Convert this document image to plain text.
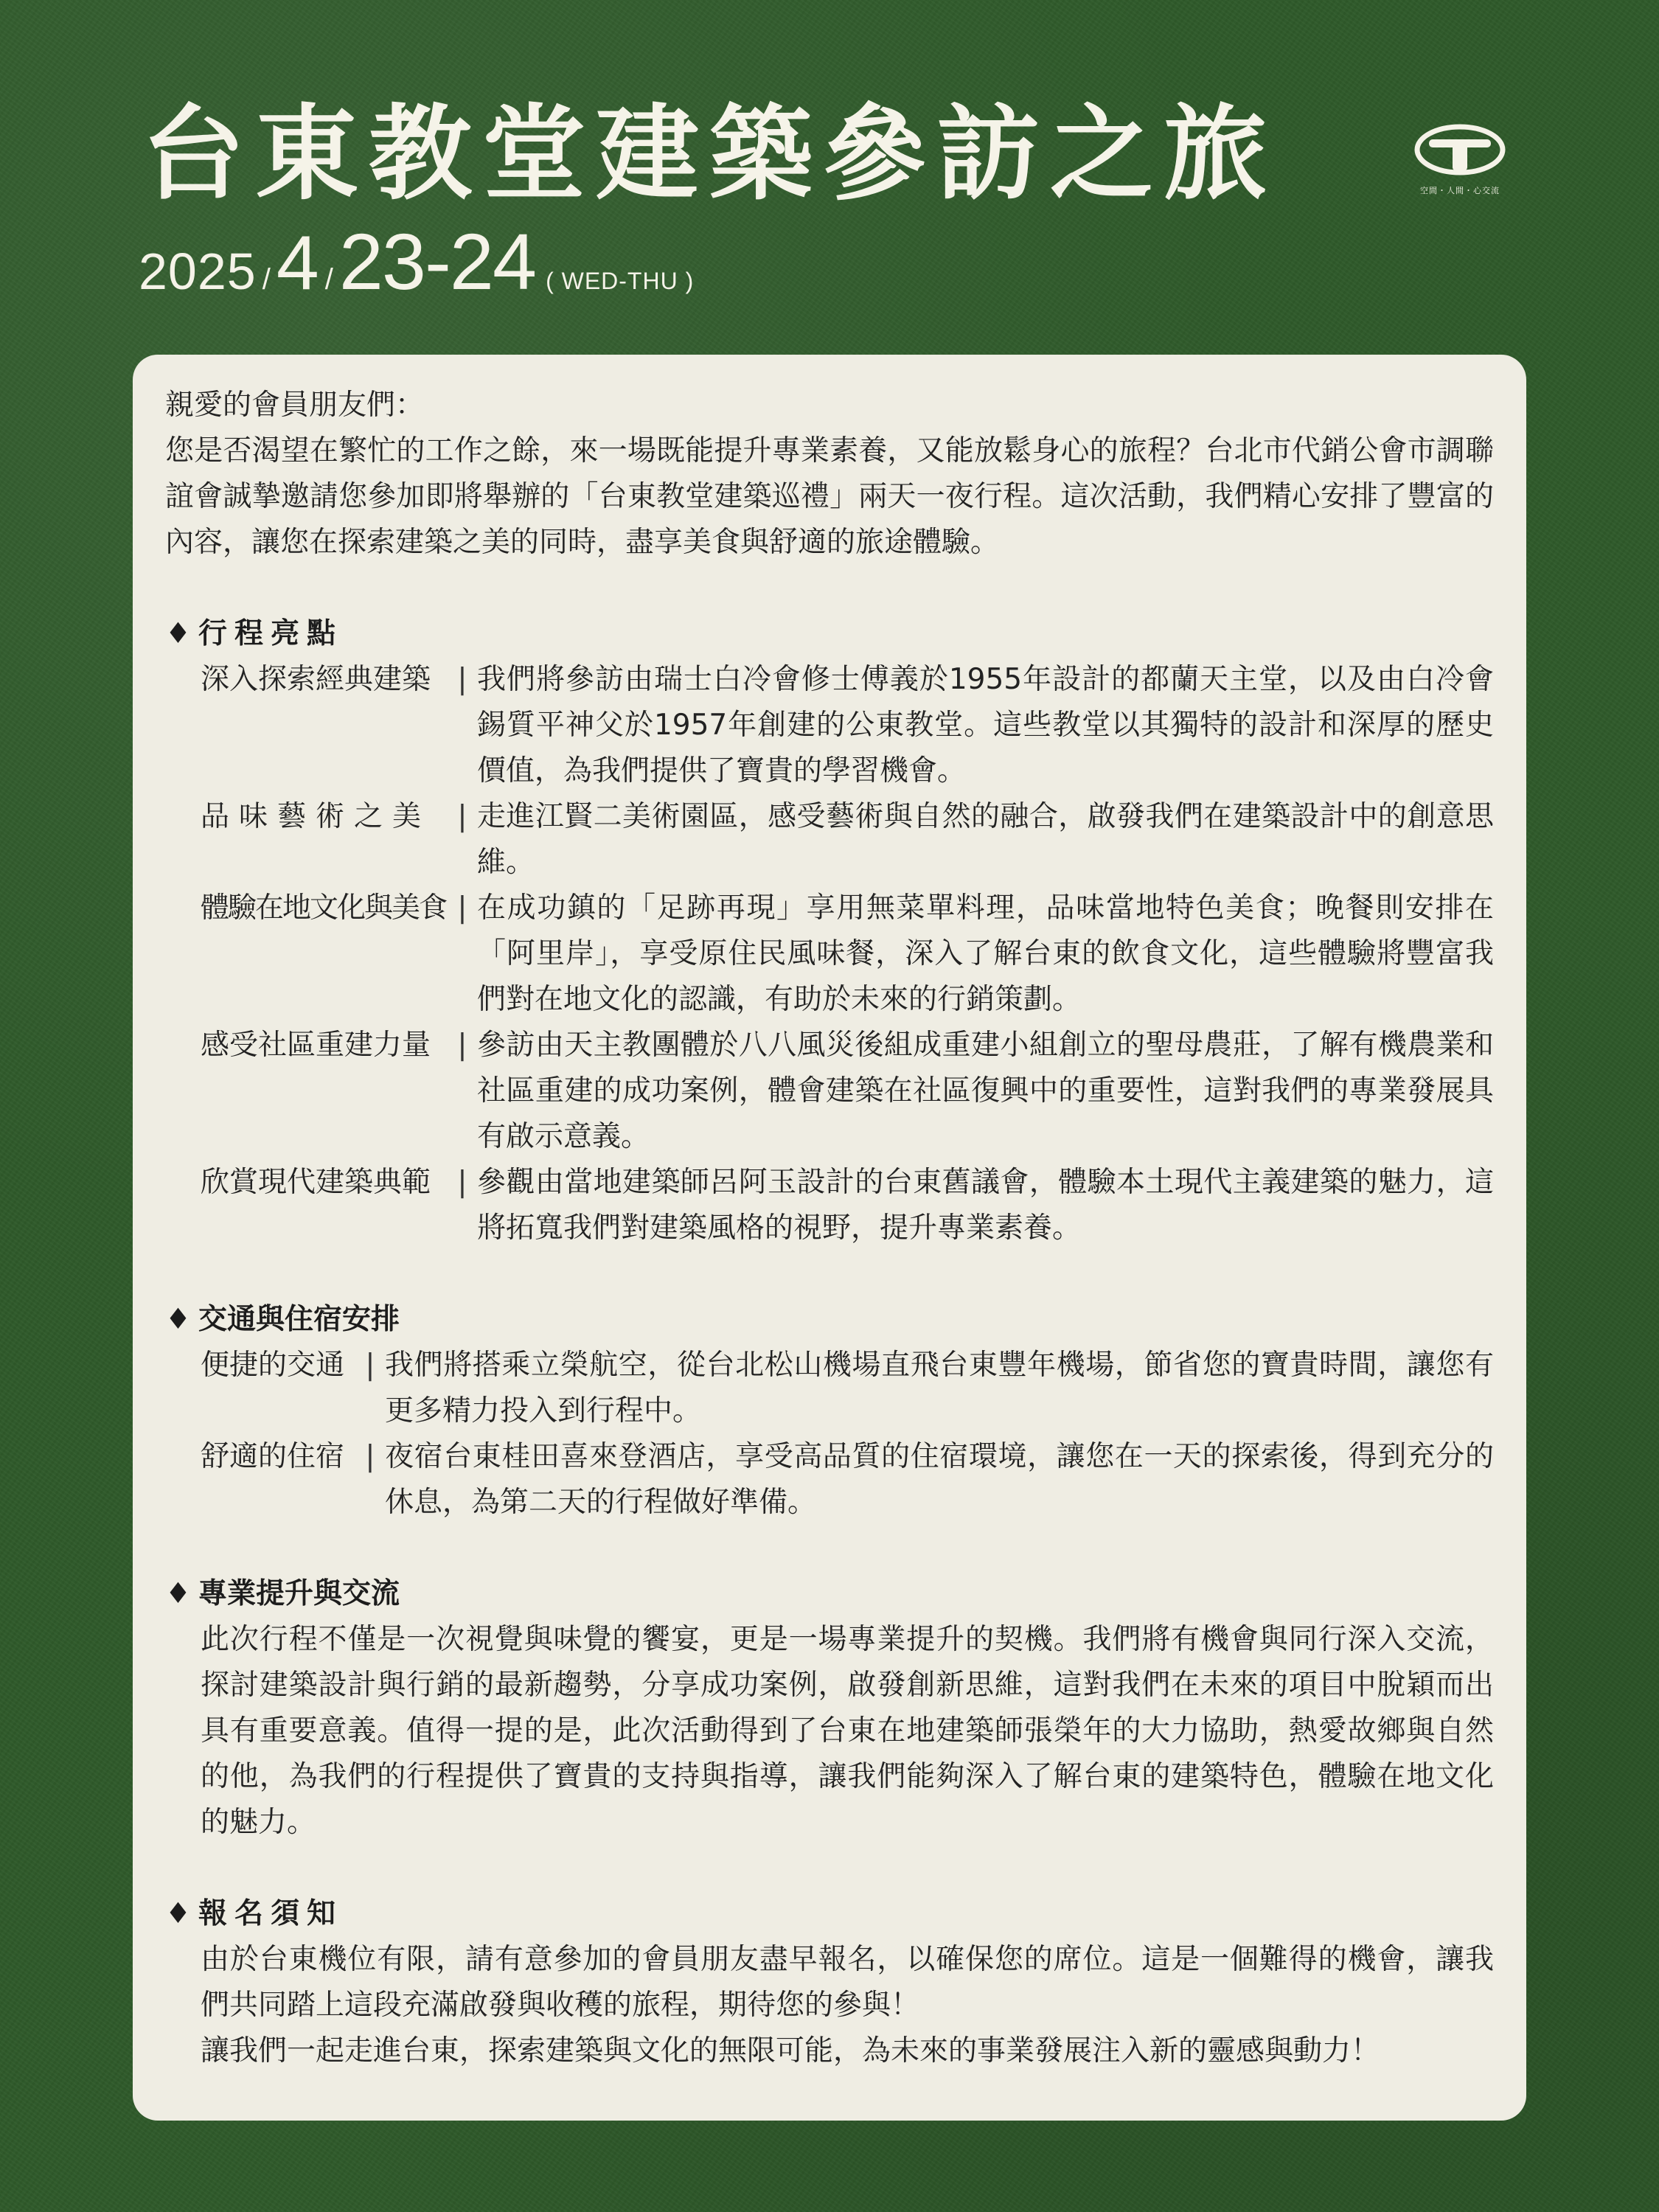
台東教堂建築參訪之旅
2025 / 4 / 23-24 ( WED-THU )
空間・人間・心交流

親愛的會員朋友們：

您是否渴望在繁忙的工作之餘，來一場既能提升專業素養，又能放鬆身心的旅程？台北市代銷公會市調聯誼會誠摯邀請您參加即將舉辦的「台東教堂建築巡禮」兩天一夜行程。這次活動，我們精心安排了豐富的內容，讓您在探索建築之美的同時，盡享美食與舒適的旅途體驗。

♦ 行程亮點

深入探索經典建築 | 我們將參訪由瑞士白冷會修士傅義於1955年設計的都蘭天主堂，以及由白冷會錫質平神父於1957年創建的公東教堂。這些教堂以其獨特的設計和深厚的歷史價值，為我們提供了寶貴的學習機會。
品味藝術之美 | 走進江賢二美術園區，感受藝術與自然的融合，啟發我們在建築設計中的創意思維。
體驗在地文化與美食 | 在成功鎮的「足跡再現」享用無菜單料理，品味當地特色美食；晚餐則安排在「阿里岸」，享受原住民風味餐，深入了解台東的飲食文化，這些體驗將豐富我們對在地文化的認識，有助於未來的行銷策劃。
感受社區重建力量 | 參訪由天主教團體於八八風災後組成重建小組創立的聖母農莊，了解有機農業和社區重建的成功案例，體會建築在社區復興中的重要性，這對我們的專業發展具有啟示意義。
欣賞現代建築典範 | 參觀由當地建築師呂阿玉設計的台東舊議會，體驗本土現代主義建築的魅力，這將拓寬我們對建築風格的視野，提升專業素養。

♦ 交通與住宿安排

便捷的交通 | 我們將搭乘立榮航空，從台北松山機場直飛台東豐年機場，節省您的寶貴時間，讓您有更多精力投入到行程中。
舒適的住宿 | 夜宿台東桂田喜來登酒店，享受高品質的住宿環境，讓您在一天的探索後，得到充分的休息，為第二天的行程做好準備。

♦ 專業提升與交流

此次行程不僅是一次視覺與味覺的饗宴，更是一場專業提升的契機。我們將有機會與同行深入交流，探討建築設計與行銷的最新趨勢，分享成功案例，啟發創新思維，這對我們在未來的項目中脫穎而出具有重要意義。值得一提的是，此次活動得到了台東在地建築師張榮年的大力協助，熱愛故鄉與自然的他，為我們的行程提供了寶貴的支持與指導，讓我們能夠深入了解台東的建築特色，體驗在地文化的魅力。

♦ 報名須知

由於台東機位有限，請有意參加的會員朋友盡早報名，以確保您的席位。這是一個難得的機會，讓我們共同踏上這段充滿啟發與收穫的旅程，期待您的參與！

讓我們一起走進台東，探索建築與文化的無限可能，為未來的事業發展注入新的靈感與動力！
